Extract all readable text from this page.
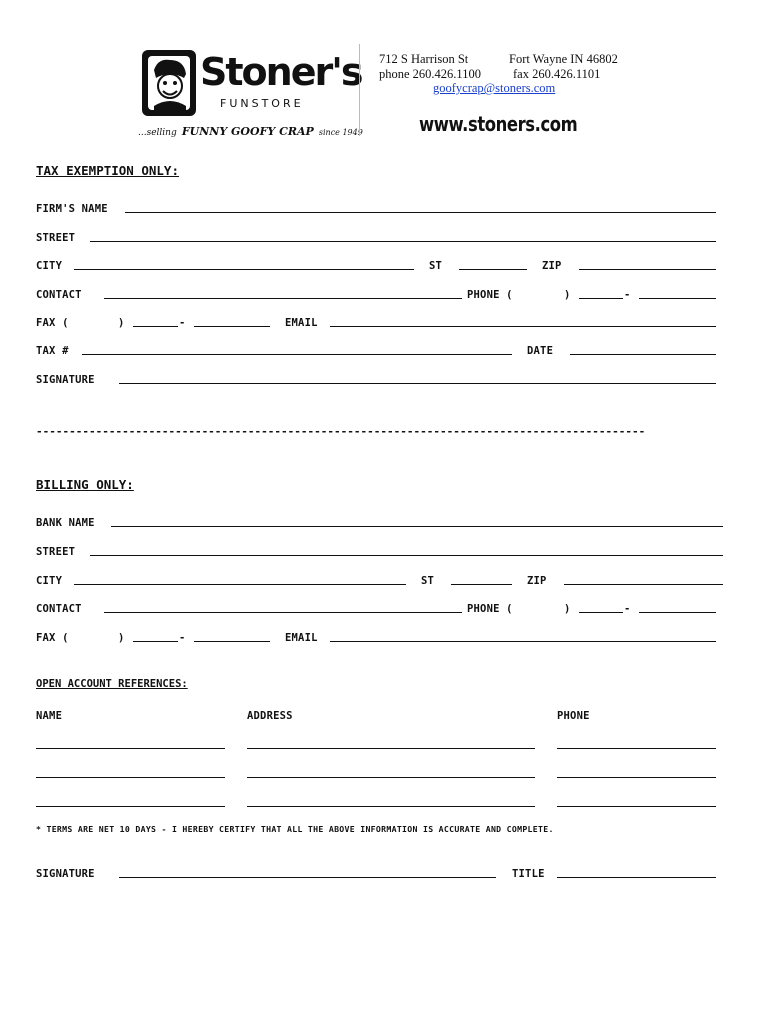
Stoner's
FUNSTORE
...selling FUNNY GOOFY CRAP since 1949
712 S Harrison St	Fort Wayne IN 46802
phone 260.426.1100	fax 260.426.1101
goofycrap@stoners.com
www.stoners.com
TAX EXEMPTION ONLY:
FIRM'S NAME
STREET
CITY	ST	ZIP
CONTACT	PHONE (	)	-
FAX (	)	-	EMAIL
TAX #	DATE
SIGNATURE
--------------------------------------------------------------------------------------------
BILLING ONLY:
BANK NAME
STREET
CITY	ST	ZIP
CONTACT	PHONE (	)	-
FAX (	)	-	EMAIL
OPEN ACCOUNT REFERENCES:
NAME	ADDRESS	PHONE
* TERMS ARE NET 10 DAYS - I HEREBY CERTIFY THAT ALL THE ABOVE INFORMATION IS ACCURATE AND COMPLETE.
SIGNATURE	TITLE
